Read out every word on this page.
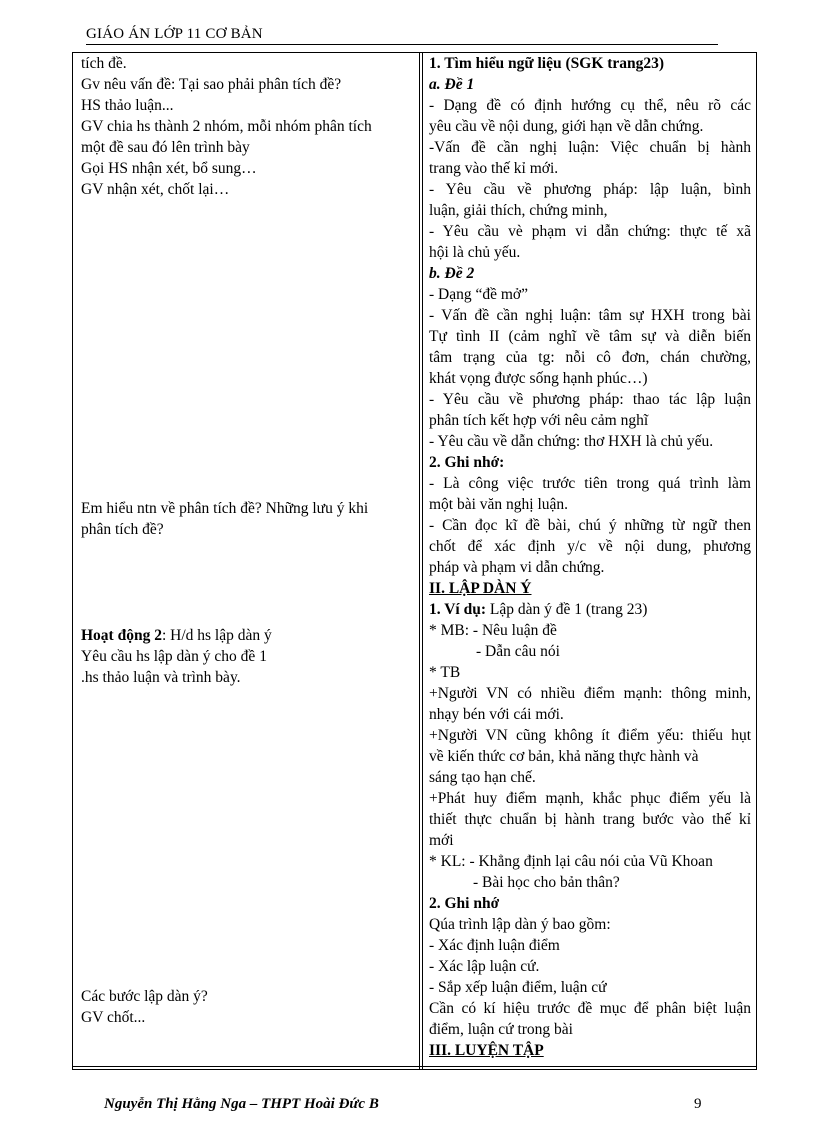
GIÁO ÁN LỚP 11 CƠ BẢN
tích đề.
Gv nêu vấn đề: Tại sao phải phân tích đề?
HS thảo luận...
GV chia hs thành 2 nhóm, mỗi nhóm phân tích
một đề sau đó lên trình bày
Gọi HS nhận xét, bổ sung…
GV nhận xét, chốt lại…
Em hiểu ntn về phân tích đề? Những lưu ý khi
phân tích đề?
Hoạt động 2: H/d hs lập dàn ý
Yêu cầu hs lập dàn ý cho đề 1
.hs thảo luận và trình bày.
Các bước lập dàn ý?
GV chốt...
1. Tìm hiểu ngữ liệu (SGK trang23)
a. Đề 1
- Dạng đề có định hướng cụ thể, nêu rõ các
yêu cầu về nội dung, giới hạn về dẫn chứng.
-Vấn đề cần nghị luận: Việc chuẩn bị hành
trang vào thế kỉ mới.
- Yêu cầu về phương pháp: lập luận, bình
luận, giải thích, chứng minh,
- Yêu cầu vè phạm vi dẫn chứng: thực tế xã
hội là chủ yếu.
b. Đề 2
- Dạng “đề mở”
- Vấn đề cần nghị luận: tâm sự HXH trong bài
Tự tình II (cảm nghĩ về tâm sự và diễn biến
tâm trạng của tg: nỗi cô đơn, chán chường,
khát vọng được sống hạnh phúc…)
- Yêu cầu về phương pháp: thao tác lập luận
phân tích kết hợp với nêu cảm nghĩ
- Yêu cầu về dẫn chứng: thơ HXH là chủ yếu.
2. Ghi nhớ:
- Là công việc trước tiên trong quá trình làm
một bài văn nghị luận.
- Cần đọc kĩ đề bài, chú ý những từ ngữ then
chốt để xác định y/c về nội dung, phương
pháp và phạm vi dẫn chứng.
II. LẬP DÀN Ý
1. Ví dụ: Lập dàn ý đề 1 (trang 23)
* MB: - Nêu luận đề
- Dẫn câu nói
* TB
+Người VN có nhiều điểm mạnh: thông minh,
nhạy bén với cái mới.
+Người VN cũng không ít điểm yếu: thiếu hụt
về kiến thức cơ bản, khả năng thực hành và
sáng tạo hạn chế.
+Phát huy điểm mạnh, khắc phục điểm yếu là
thiết thực chuẩn bị hành trang bước vào thế kỉ
mới
* KL: - Khẳng định lại câu nói của Vũ Khoan
- Bài học cho bản thân?
2. Ghi nhớ
Qúa trình lập dàn ý bao gồm:
- Xác định luận điểm
- Xác lập luận cứ.
- Sắp xếp luận điểm, luận cứ
Cần có kí hiệu trước đề mục để phân biệt luận
điểm, luận cứ trong bài
III. LUYỆN TẬP
Nguyễn Thị Hằng Nga – THPT Hoài Đức B	9
